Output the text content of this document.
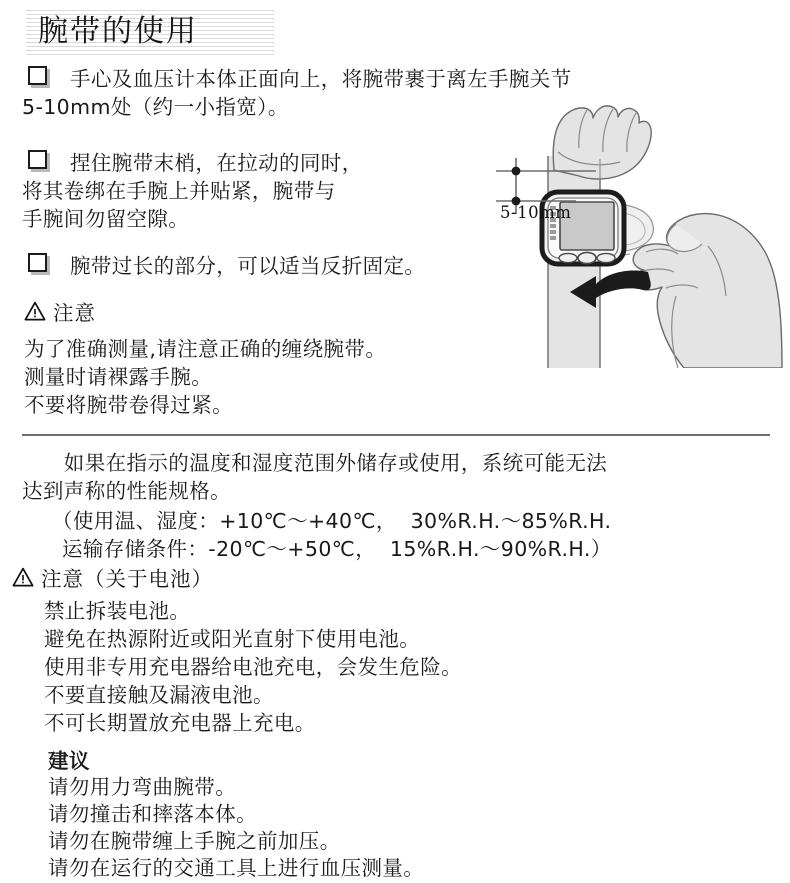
腕带的使用
手心及血压计本体正面向上，将腕带裹于离左手腕关节
5-10mm处（约一小指宽）。
捏住腕带末梢，在拉动的同时，
将其卷绑在手腕上并贴紧，腕带与
手腕间勿留空隙。
腕带过长的部分，可以适当反折固定。
注意
为了准确测量,请注意正确的缠绕腕带。
测量时请裸露手腕。
不要将腕带卷得过紧。
　　如果在指示的温度和湿度范围外储存或使用，系统可能无法
达到声称的性能规格。
（使用温、湿度：+10℃～+40℃，  30%R.H.～85%R.H.
运输存储条件：-20℃～+50℃，  15%R.H.～90%R.H.）
注意（关于电池）
禁止拆装电池。
避免在热源附近或阳光直射下使用电池。
使用非专用充电器给电池充电，会发生危险。
不要直接触及漏液电池。
不可长期置放充电器上充电。
建议
请勿用力弯曲腕带。
请勿撞击和摔落本体。
请勿在腕带缠上手腕之前加压。
请勿在运行的交通工具上进行血压测量。
5-10mm
